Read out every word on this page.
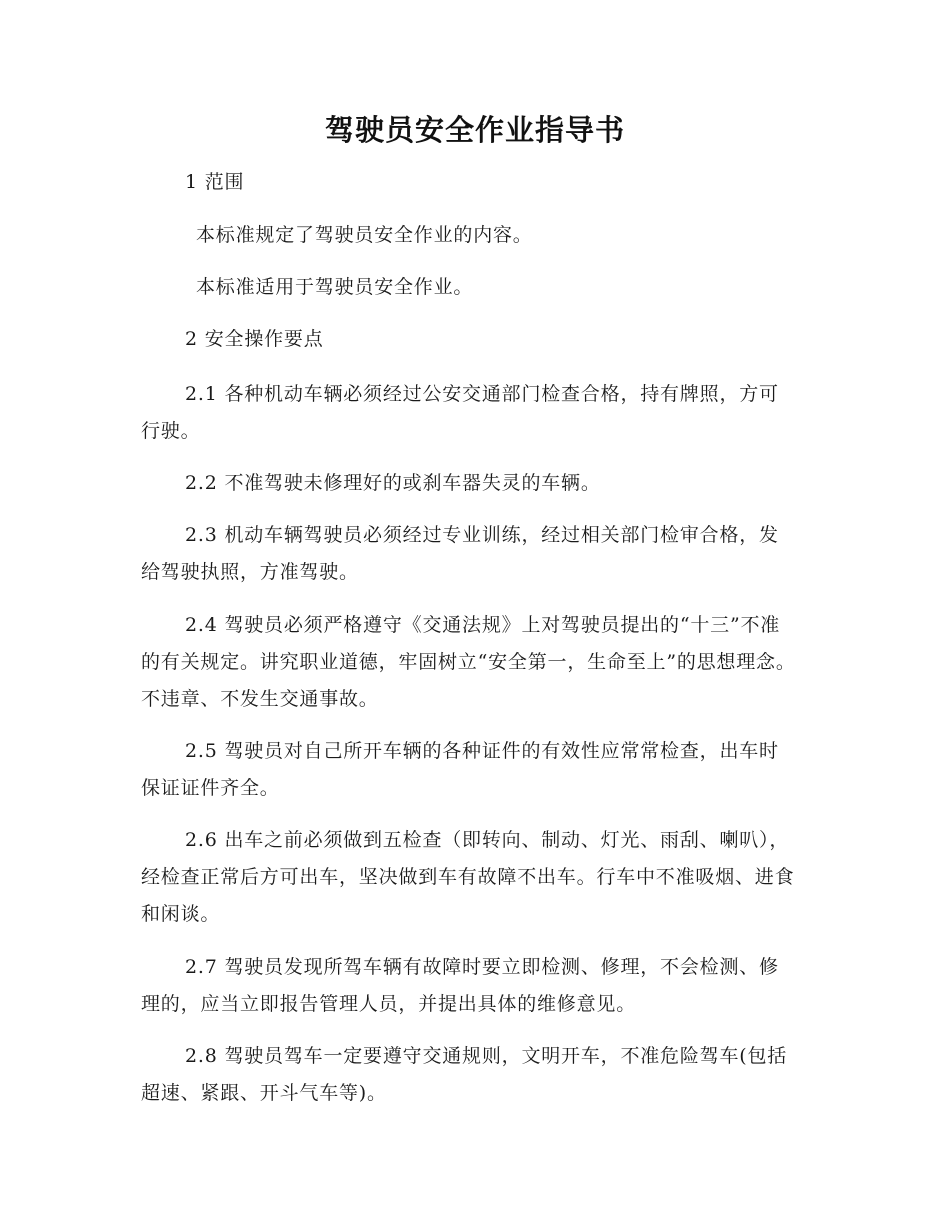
驾驶员安全作业指导书
1 范围
本标准规定了驾驶员安全作业的内容。
本标准适用于驾驶员安全作业。
2 安全操作要点
2.1 各种机动车辆必须经过公安交通部门检查合格，持有牌照，方可行驶。
2.2 不准驾驶未修理好的或刹车器失灵的车辆。
2.3 机动车辆驾驶员必须经过专业训练，经过相关部门检审合格，发给驾驶执照，方准驾驶。
2.4 驾驶员必须严格遵守《交通法规》上对驾驶员提出的“十三”不准的有关规定。讲究职业道德，牢固树立“安全第一，生命至上”的思想理念。不违章、不发生交通事故。
2.5 驾驶员对自己所开车辆的各种证件的有效性应常常检查，出车时保证证件齐全。
2.6 出车之前必须做到五检查（即转向、制动、灯光、雨刮、喇叭），经检查正常后方可出车，坚决做到车有故障不出车。行车中不准吸烟、进食和闲谈。
2.7 驾驶员发现所驾车辆有故障时要立即检测、修理，不会检测、修理的，应当立即报告管理人员，并提出具体的维修意见。
2.8 驾驶员驾车一定要遵守交通规则，文明开车，不准危险驾车(包括超速、紧跟、开斗气车等)。
